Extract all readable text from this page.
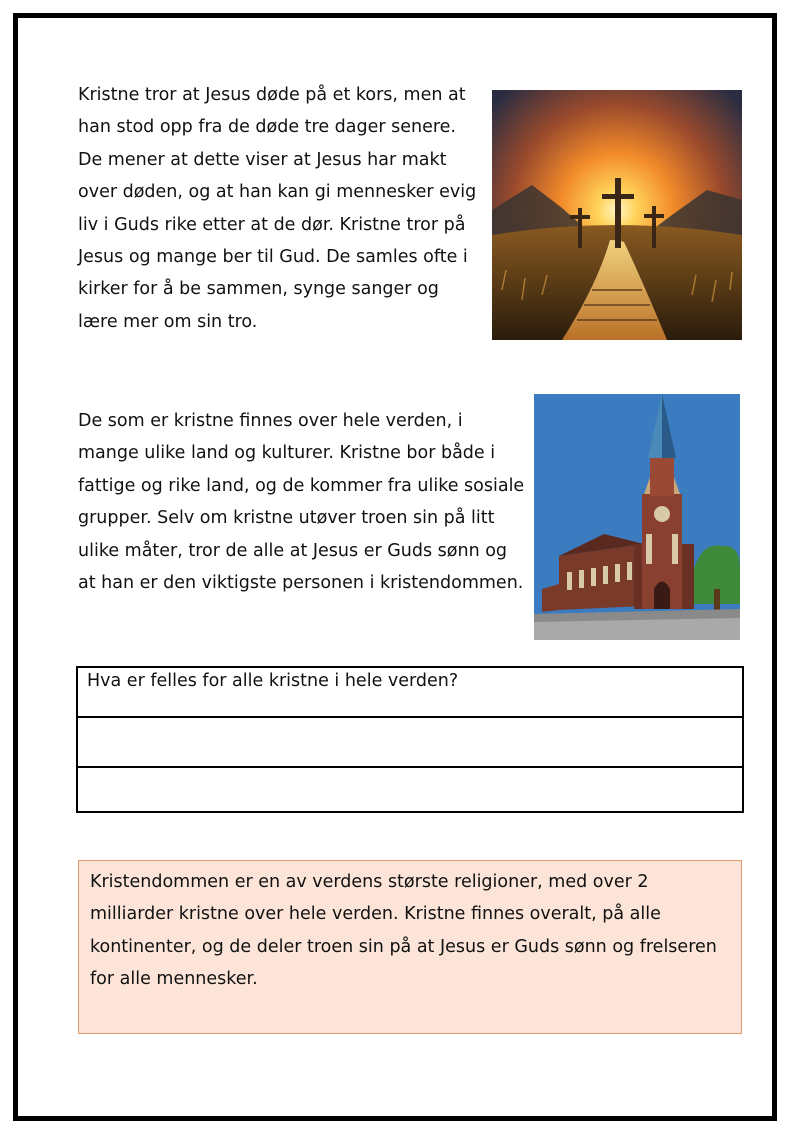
Kristne tror at Jesus døde på et kors, men at han stod opp fra de døde tre dager senere. De mener at dette viser at Jesus har makt over døden, og at han kan gi mennesker evig liv i Guds rike etter at de dør. Kristne tror på Jesus og mange ber til Gud. De samles ofte i kirker for å be sammen, synge sanger og lære mer om sin tro.

De som er kristne finnes over hele verden, i mange ulike land og kulturer. Kristne bor både i fattige og rike land, og de kommer fra ulike sosiale grupper. Selv om kristne utøver troen sin på litt ulike måter, tror de alle at Jesus er Guds sønn og at han er den viktigste personen i kristendommen.

Hva er felles for alle kristne i hele verden?

Kristendommen er en av verdens største religioner, med over 2 milliarder kristne over hele verden. Kristne finnes overalt, på alle kontinenter, og de deler troen sin på at Jesus er Guds sønn og frelseren for alle mennesker.
